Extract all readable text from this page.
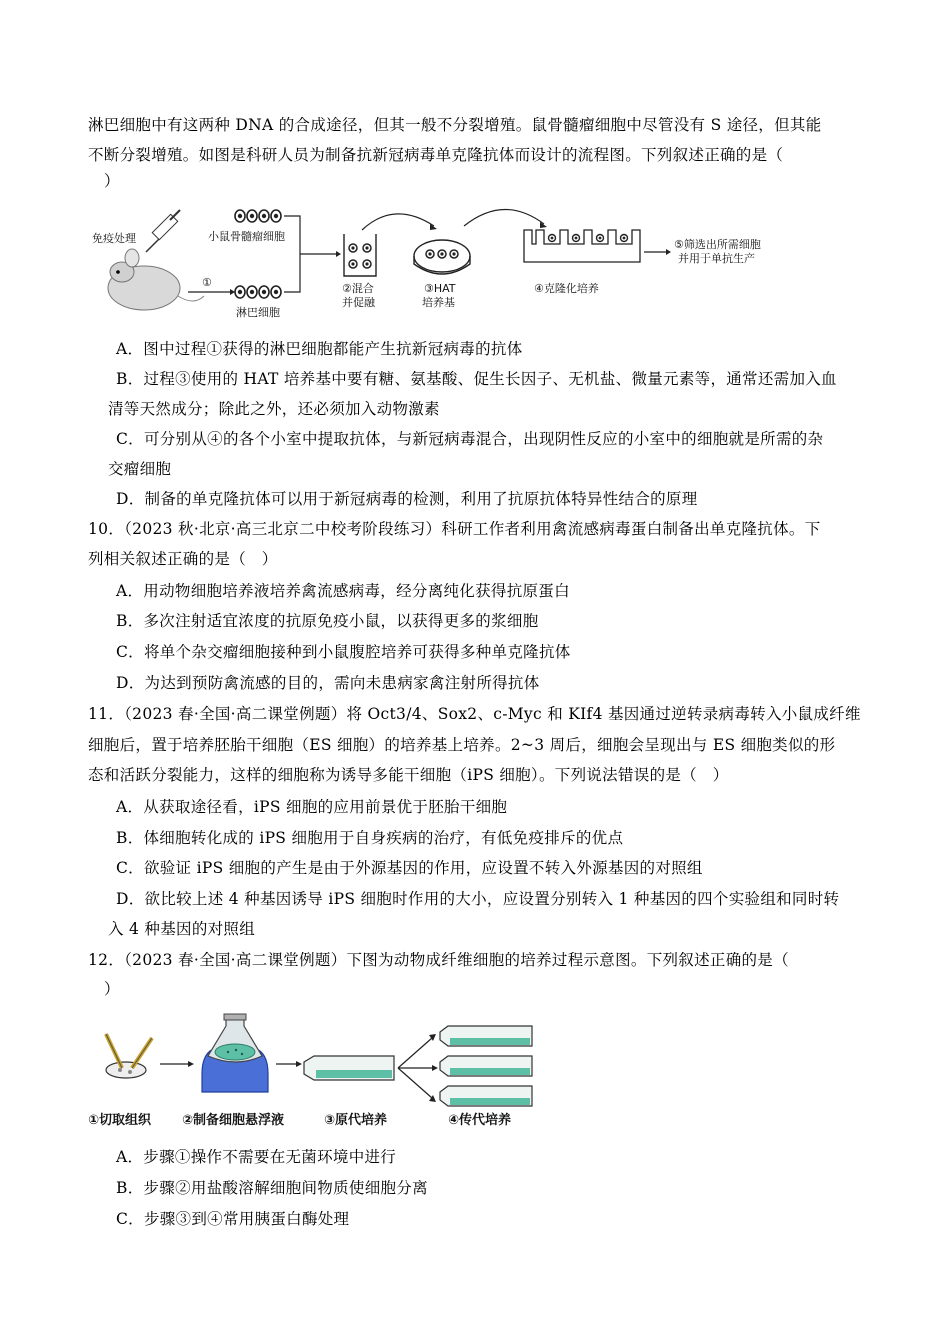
淋巴细胞中有这两种 DNA 的合成途径，但其一般不分裂增殖。鼠骨髓瘤细胞中尽管没有 S 途径，但其能
不断分裂增殖。如图是科研人员为制备抗新冠病毒单克隆抗体而设计的流程图。下列叙述正确的是（
）
免疫处理	小鼠骨髓瘤细胞
淋巴细胞
①	②混合
并促融
③HAT
培养基
④克隆化培养
⑤筛选出所需细胞
并用于单抗生产
A．图中过程①获得的淋巴细胞都能产生抗新冠病毒的抗体
B．过程③使用的 HAT 培养基中要有糖、氨基酸、促生长因子、无机盐、微量元素等，通常还需加入血
清等天然成分；除此之外，还必须加入动物激素
C．可分别从④的各个小室中提取抗体，与新冠病毒混合，出现阴性反应的小室中的细胞就是所需的杂
交瘤细胞
D．制备的单克隆抗体可以用于新冠病毒的检测，利用了抗原抗体特异性结合的原理
10．（2023 秋·北京·高三北京二中校考阶段练习）科研工作者利用禽流感病毒蛋白制备出单克隆抗体。下
列相关叙述正确的是（　）
A．用动物细胞培养液培养禽流感病毒，经分离纯化获得抗原蛋白
B．多次注射适宜浓度的抗原免疫小鼠，以获得更多的浆细胞
C．将单个杂交瘤细胞接种到小鼠腹腔培养可获得多种单克隆抗体
D．为达到预防禽流感的目的，需向未患病家禽注射所得抗体
11．（2023 春·全国·高二课堂例题）将 Oct3/4、Sox2、c-Myc 和 KIf4 基因通过逆转录病毒转入小鼠成纤维
细胞后，置于培养胚胎干细胞（ES 细胞）的培养基上培养。2~3 周后，细胞会呈现出与 ES 细胞类似的形
态和活跃分裂能力，这样的细胞称为诱导多能干细胞（iPS 细胞）。下列说法错误的是（　）
A．从获取途径看，iPS 细胞的应用前景优于胚胎干细胞
B．体细胞转化成的 iPS 细胞用于自身疾病的治疗，有低免疫排斥的优点
C．欲验证 iPS 细胞的产生是由于外源基因的作用，应设置不转入外源基因的对照组
D．欲比较上述 4 种基因诱导 iPS 细胞时作用的大小，应设置分别转入 1 种基因的四个实验组和同时转
入 4 种基因的对照组
12．（2023 春·全国·高二课堂例题）下图为动物成纤维细胞的培养过程示意图。下列叙述正确的是（
）
①切取组织 ②制备细胞悬浮液	③原代培养	④传代培养
A．步骤①操作不需要在无菌环境中进行
B．步骤②用盐酸溶解细胞间物质使细胞分离
C．步骤③到④常用胰蛋白酶处理
